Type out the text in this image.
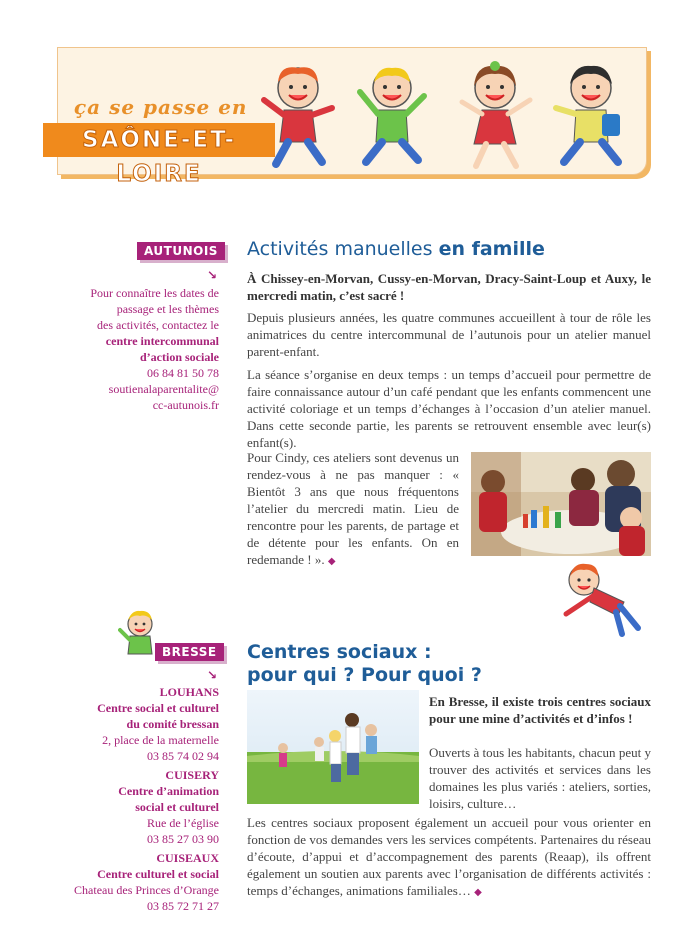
ça se passe en
SAÔNE-ET-LOIRE
AUTUNOIS
↘
Pour connaître les dates de
passage et les thèmes
des activités, contactez le
centre intercommunal
d’action sociale
06 84 81 50 78
soutienalaparentalite@
cc-autunois.fr
Activités manuelles en famille
À Chissey-en-Morvan, Cussy-en-Morvan, Dracy-Saint-Loup et Auxy, le mercredi matin, c’est sacré !
Depuis plusieurs années, les quatre communes accueillent à tour de rôle les animatrices du centre intercommunal de l’autunois pour un atelier manuel parent-enfant.
La séance s’organise en deux temps : un temps d’accueil pour permettre de faire connaissance autour d’un café pendant que les enfants commencent une activité coloriage et un temps d’échanges à l’occasion d’un atelier manuel. Dans cette seconde partie, les parents se retrouvent ensemble avec leur(s) enfant(s).
Pour Cindy, ces ateliers sont devenus un rendez-vous à ne pas manquer : « Bientôt 3 ans que nous fréquentons l’atelier du mercredi matin. Lieu de rencontre pour les parents, de partage et de détente pour les enfants. On en redemande ! ». ◆
BRESSE
↘
LOUHANS
Centre social et culturel
du comité bressan
2, place de la maternelle
03 85 74 02 94
CUISERY
Centre d’animation
social et culturel
Rue de l’église
03 85 27 03 90
CUISEAUX
Centre culturel et social
Chateau des Princes d’Orange
03 85 72 71 27
Centres sociaux :
pour qui ? Pour quoi ?
En Bresse, il existe trois centres sociaux pour une mine d’activités et d’infos !
Ouverts à tous les habitants, chacun peut y trouver des activités et services dans les domaines les plus variés : ateliers, sorties, loisirs, culture…
Les centres sociaux proposent également un accueil pour vous orienter en fonction de vos demandes vers les services compétents. Partenaires du réseau d’écoute, d’appui et d’accompagnement des parents (Reaap), ils offrent également un soutien aux parents avec l’organisation de différents activités : temps d’échanges, animations familiales… ◆
